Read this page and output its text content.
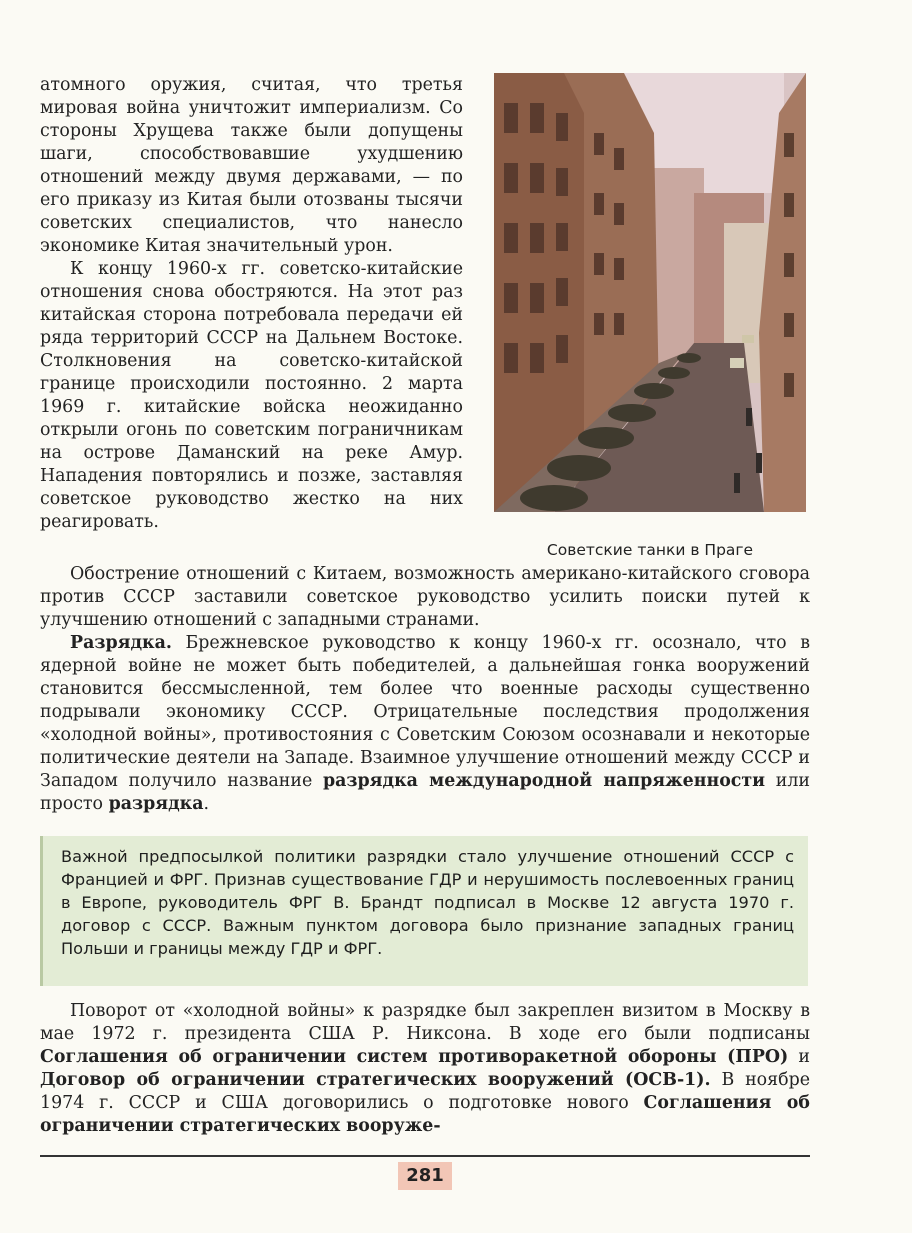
атомного оружия, считая, что третья мировая война уничтожит империализм. Со стороны Хрущева также были допущены шаги, способствовавшие ухудшению отношений между двумя державами, — по его приказу из Китая были отозваны тысячи советских специалистов, что нанесло экономике Китая значительный урон.

К концу 1960-х гг. советско-китайские отношения снова обостряются. На этот раз китайская сторона потребовала передачи ей ряда территорий СССР на Дальнем Востоке. Столкновения на советско-китайской границе происходили постоянно. 2 марта 1969 г. китайские войска неожиданно открыли огонь по советским пограничникам на острове Даманский на реке Амур. Нападения повторялись и позже, заставляя советское руководство жестко на них реагировать.

Советские танки в Праге

Обострение отношений с Китаем, возможность американо-китайского сговора против СССР заставили советское руководство усилить поиски путей к улучшению отношений с западными странами.

Разрядка. Брежневское руководство к концу 1960-х гг. осознало, что в ядерной войне не может быть победителей, а дальнейшая гонка вооружений становится бессмысленной, тем более что военные расходы существенно подрывали экономику СССР. Отрицательные последствия продолжения «холодной войны», противостояния с Советским Союзом осознавали и некоторые политические деятели на Западе. Взаимное улучшение отношений между СССР и Западом получило название разрядка международной напряженности или просто разрядка.

Важной предпосылкой политики разрядки стало улучшение отношений СССР с Францией и ФРГ. Признав существование ГДР и нерушимость послевоенных границ в Европе, руководитель ФРГ В. Брандт подписал в Москве 12 августа 1970 г. договор с СССР. Важным пунктом договора было признание западных границ Польши и границы между ГДР и ФРГ.

Поворот от «холодной войны» к разрядке был закреплен визитом в Москву в мае 1972 г. президента США Р. Никсона. В ходе его были подписаны Соглашения об ограничении систем противоракетной обороны (ПРО) и Договор об ограничении стратегических вооружений (ОСВ-1). В ноябре 1974 г. СССР и США договорились о подготовке нового Соглашения об ограничении стратегических вооруже-

281
